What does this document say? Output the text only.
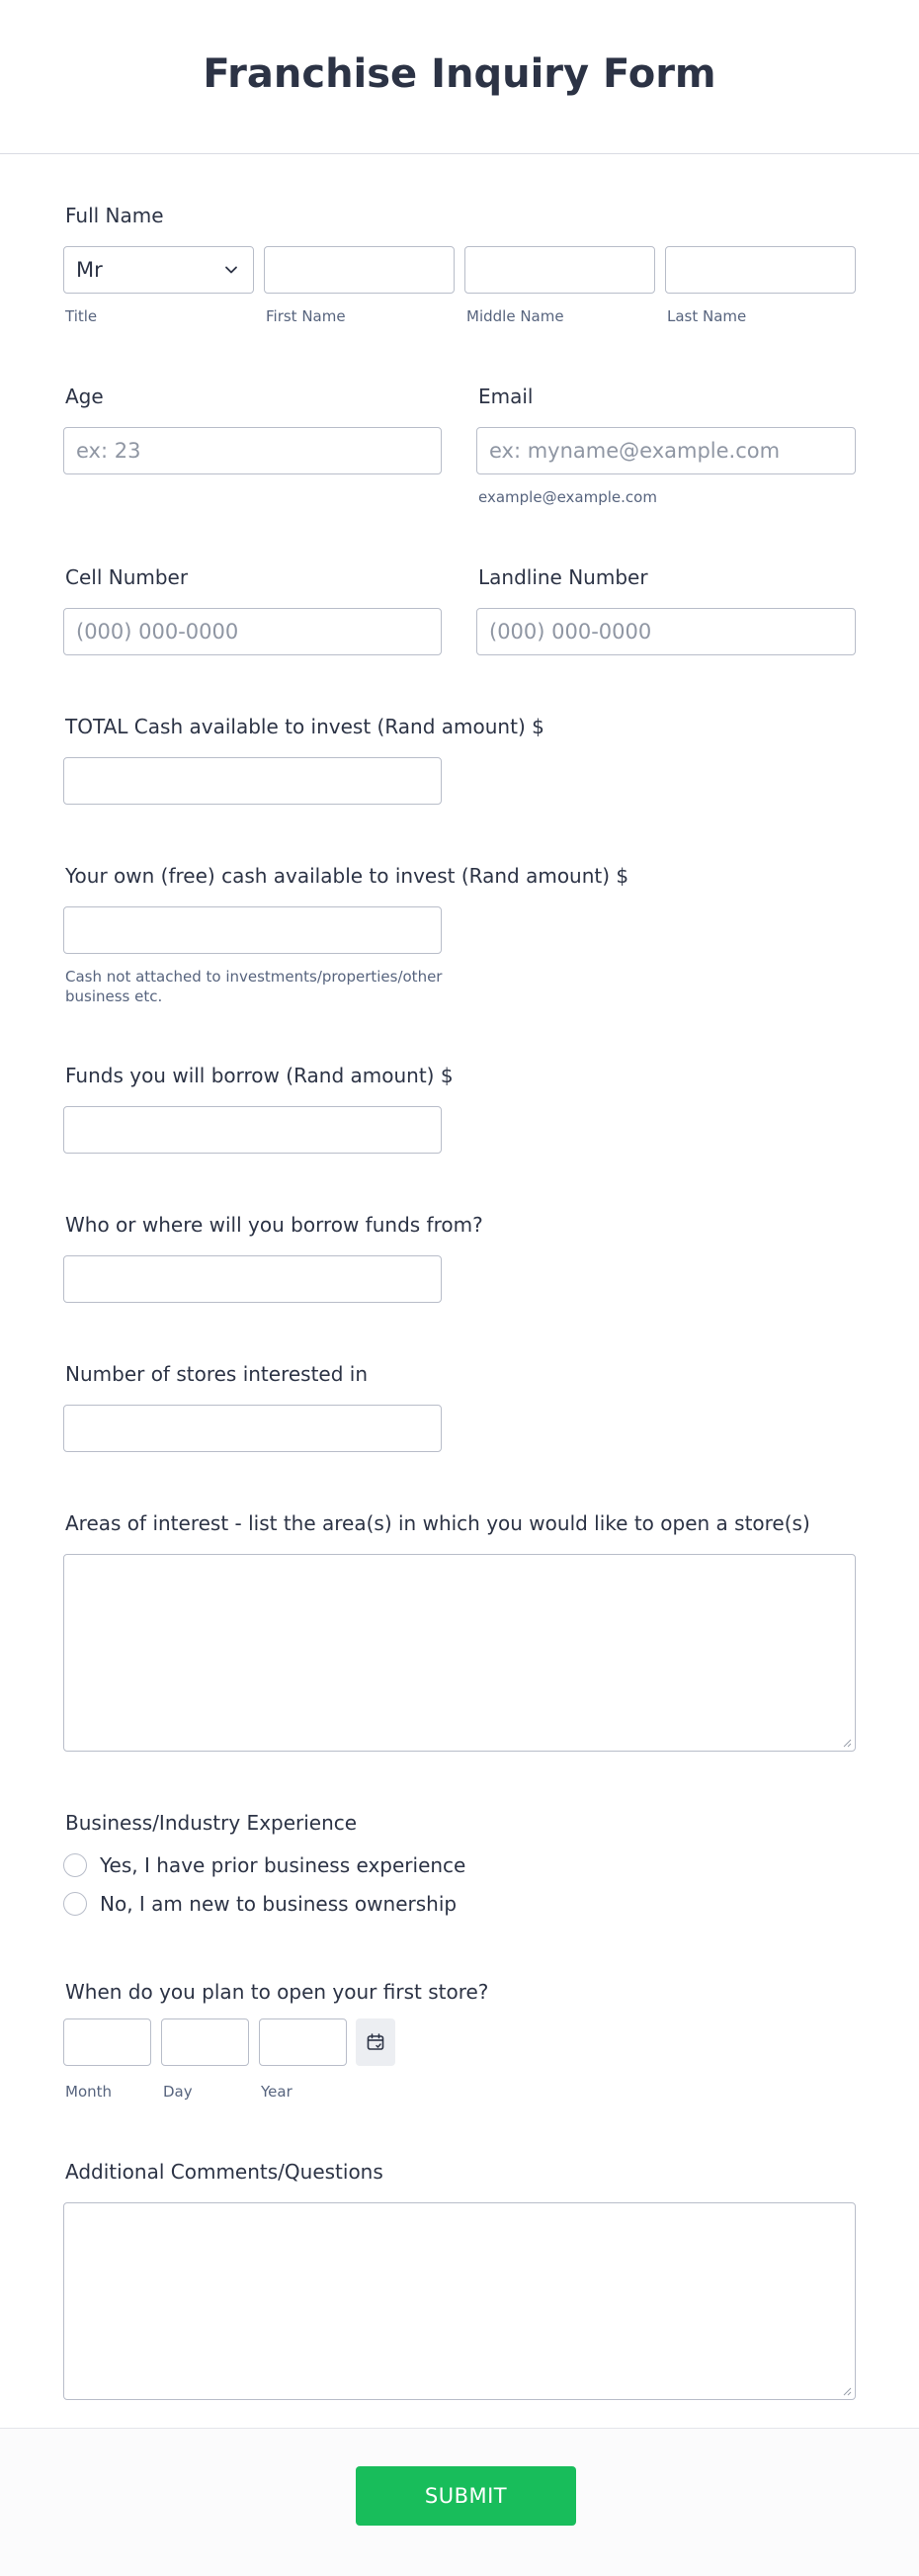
Franchise Inquiry Form
Full Name
Mr
Title	First Name	Middle Name	Last Name
Age
ex: 23
Email
ex: myname@example.com
example@example.com
Cell Number
(000) 000-0000
Landline Number
(000) 000-0000
TOTAL Cash available to invest (Rand amount) $
Your own (free) cash available to invest (Rand amount) $
Cash not attached to investments/properties/other
business etc.
Funds you will borrow (Rand amount) $
Who or where will you borrow funds from?
Number of stores interested in
Areas of interest - list the area(s) in which you would like to open a store(s)
Business/Industry Experience
Yes, I have prior business experience
No, I am new to business ownership
When do you plan to open your first store?
Month	Day	Year
Additional Comments/Questions
SUBMIT
